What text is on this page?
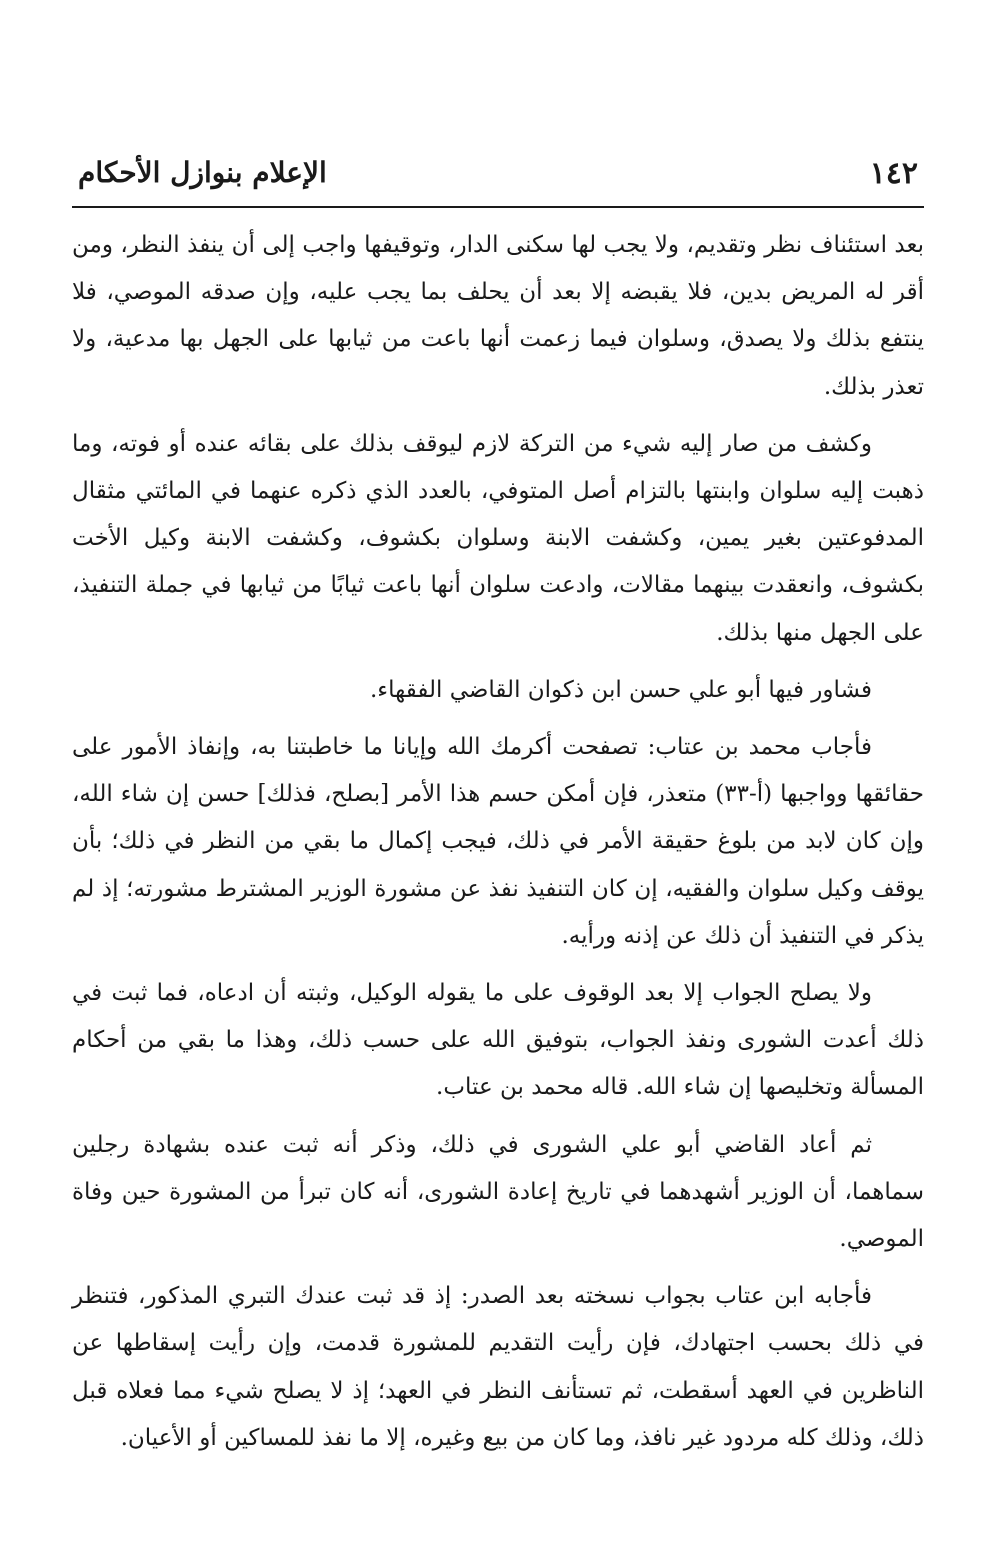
١٤٢
الإعلام بنوازل الأحكام

بعد استئناف نظر وتقديم، ولا يجب لها سكنى الدار، وتوقيفها واجب إلى أن ينفذ النظر، ومن أقر له المريض بدين، فلا يقبضه إلا بعد أن يحلف بما يجب عليه، وإن صدقه الموصي، فلا ينتفع بذلك ولا يصدق، وسلوان فيما زعمت أنها باعت من ثيابها على الجهل بها مدعية، ولا تعذر بذلك.

وكشف من صار إليه شيء من التركة لازم ليوقف بذلك على بقائه عنده أو فوته، وما ذهبت إليه سلوان وابنتها بالتزام أصل المتوفي، بالعدد الذي ذكره عنهما في المائتي مثقال المدفوعتين بغير يمين، وكشفت الابنة وسلوان بكشوف، وكشفت الابنة وكيل الأخت بكشوف، وانعقدت بينهما مقالات، وادعت سلوان أنها باعت ثيابًا من ثيابها في جملة التنفيذ، على الجهل منها بذلك.

فشاور فيها أبو علي حسن ابن ذكوان القاضي الفقهاء.

فأجاب محمد بن عتاب: تصفحت أكرمك الله وإيانا ما خاطبتنا به، وإنفاذ الأمور على حقائقها وواجبها (أ-٣٣) متعذر، فإن أمكن حسم هذا الأمر [بصلح، فذلك] حسن إن شاء الله، وإن كان لابد من بلوغ حقيقة الأمر في ذلك، فيجب إكمال ما بقي من النظر في ذلك؛ بأن يوقف وكيل سلوان والفقيه، إن كان التنفيذ نفذ عن مشورة الوزير المشترط مشورته؛ إذ لم يذكر في التنفيذ أن ذلك عن إذنه ورأيه.

ولا يصلح الجواب إلا بعد الوقوف على ما يقوله الوكيل، وثبته أن ادعاه، فما ثبت في ذلك أعدت الشورى ونفذ الجواب، بتوفيق الله على حسب ذلك، وهذا ما بقي من أحكام المسألة وتخليصها إن شاء الله. قاله محمد بن عتاب.

ثم أعاد القاضي أبو علي الشورى في ذلك، وذكر أنه ثبت عنده بشهادة رجلين سماهما، أن الوزير أشهدهما في تاريخ إعادة الشورى، أنه كان تبرأ من المشورة حين وفاة الموصي.

فأجابه ابن عتاب بجواب نسخته بعد الصدر: إذ قد ثبت عندك التبري المذكور، فتنظر في ذلك بحسب اجتهادك، فإن رأيت التقديم للمشورة قدمت، وإن رأيت إسقاطها عن الناظرين في العهد أسقطت، ثم تستأنف النظر في العهد؛ إذ لا يصلح شيء مما فعلاه قبل ذلك، وذلك كله مردود غير نافذ، وما كان من بيع وغيره، إلا ما نفذ للمساكين أو الأعيان.
